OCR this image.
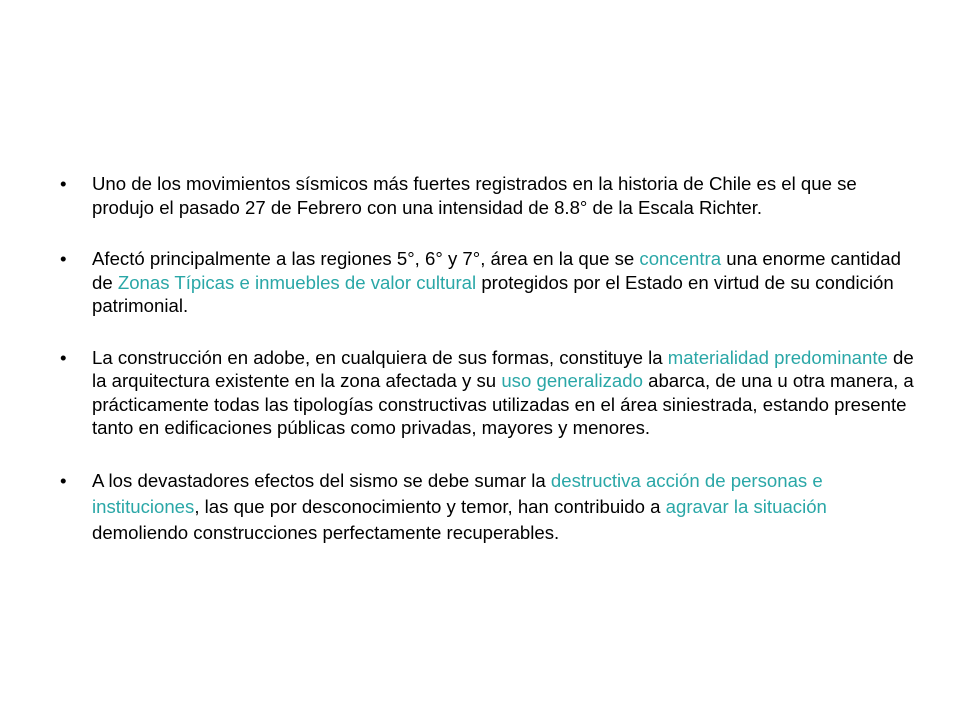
•	Uno de los movimientos sísmicos más fuertes registrados en la historia de Chile es el que se produjo el pasado 27 de Febrero con una intensidad de 8.8° de la Escala Richter.
•	Afectó principalmente a las regiones 5°, 6° y 7°, área en la que se concentra una enorme cantidad de Zonas Típicas e inmuebles de valor cultural protegidos por el Estado en virtud de su condición patrimonial.
•	La construcción en adobe, en cualquiera de sus formas, constituye la materialidad predominante de la arquitectura existente en la zona afectada y su uso generalizado abarca, de una u otra manera, a prácticamente todas las tipologías constructivas utilizadas en el área siniestrada, estando presente tanto en edificaciones públicas como privadas, mayores y menores.
•	A los devastadores efectos del sismo se debe sumar la destructiva acción de personas e instituciones, las que por desconocimiento y temor, han contribuido a agravar la situación demoliendo construcciones perfectamente recuperables.
